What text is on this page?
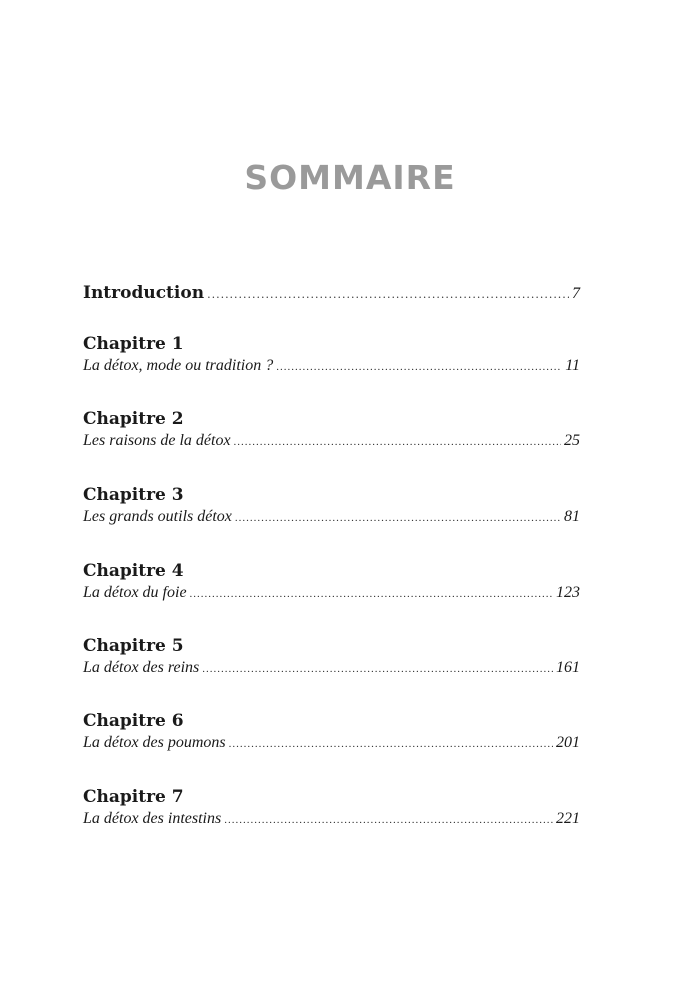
SOMMAIRE
Introduction .....	7
Chapitre 1
La détox, mode ou tradition ? .....	11
Chapitre 2
Les raisons de la détox .....	25
Chapitre 3
Les grands outils détox .....	81
Chapitre 4
La détox du foie .....	123
Chapitre 5
La détox des reins .....	161
Chapitre 6
La détox des poumons .....	201
Chapitre 7
La détox des intestins .....	221
